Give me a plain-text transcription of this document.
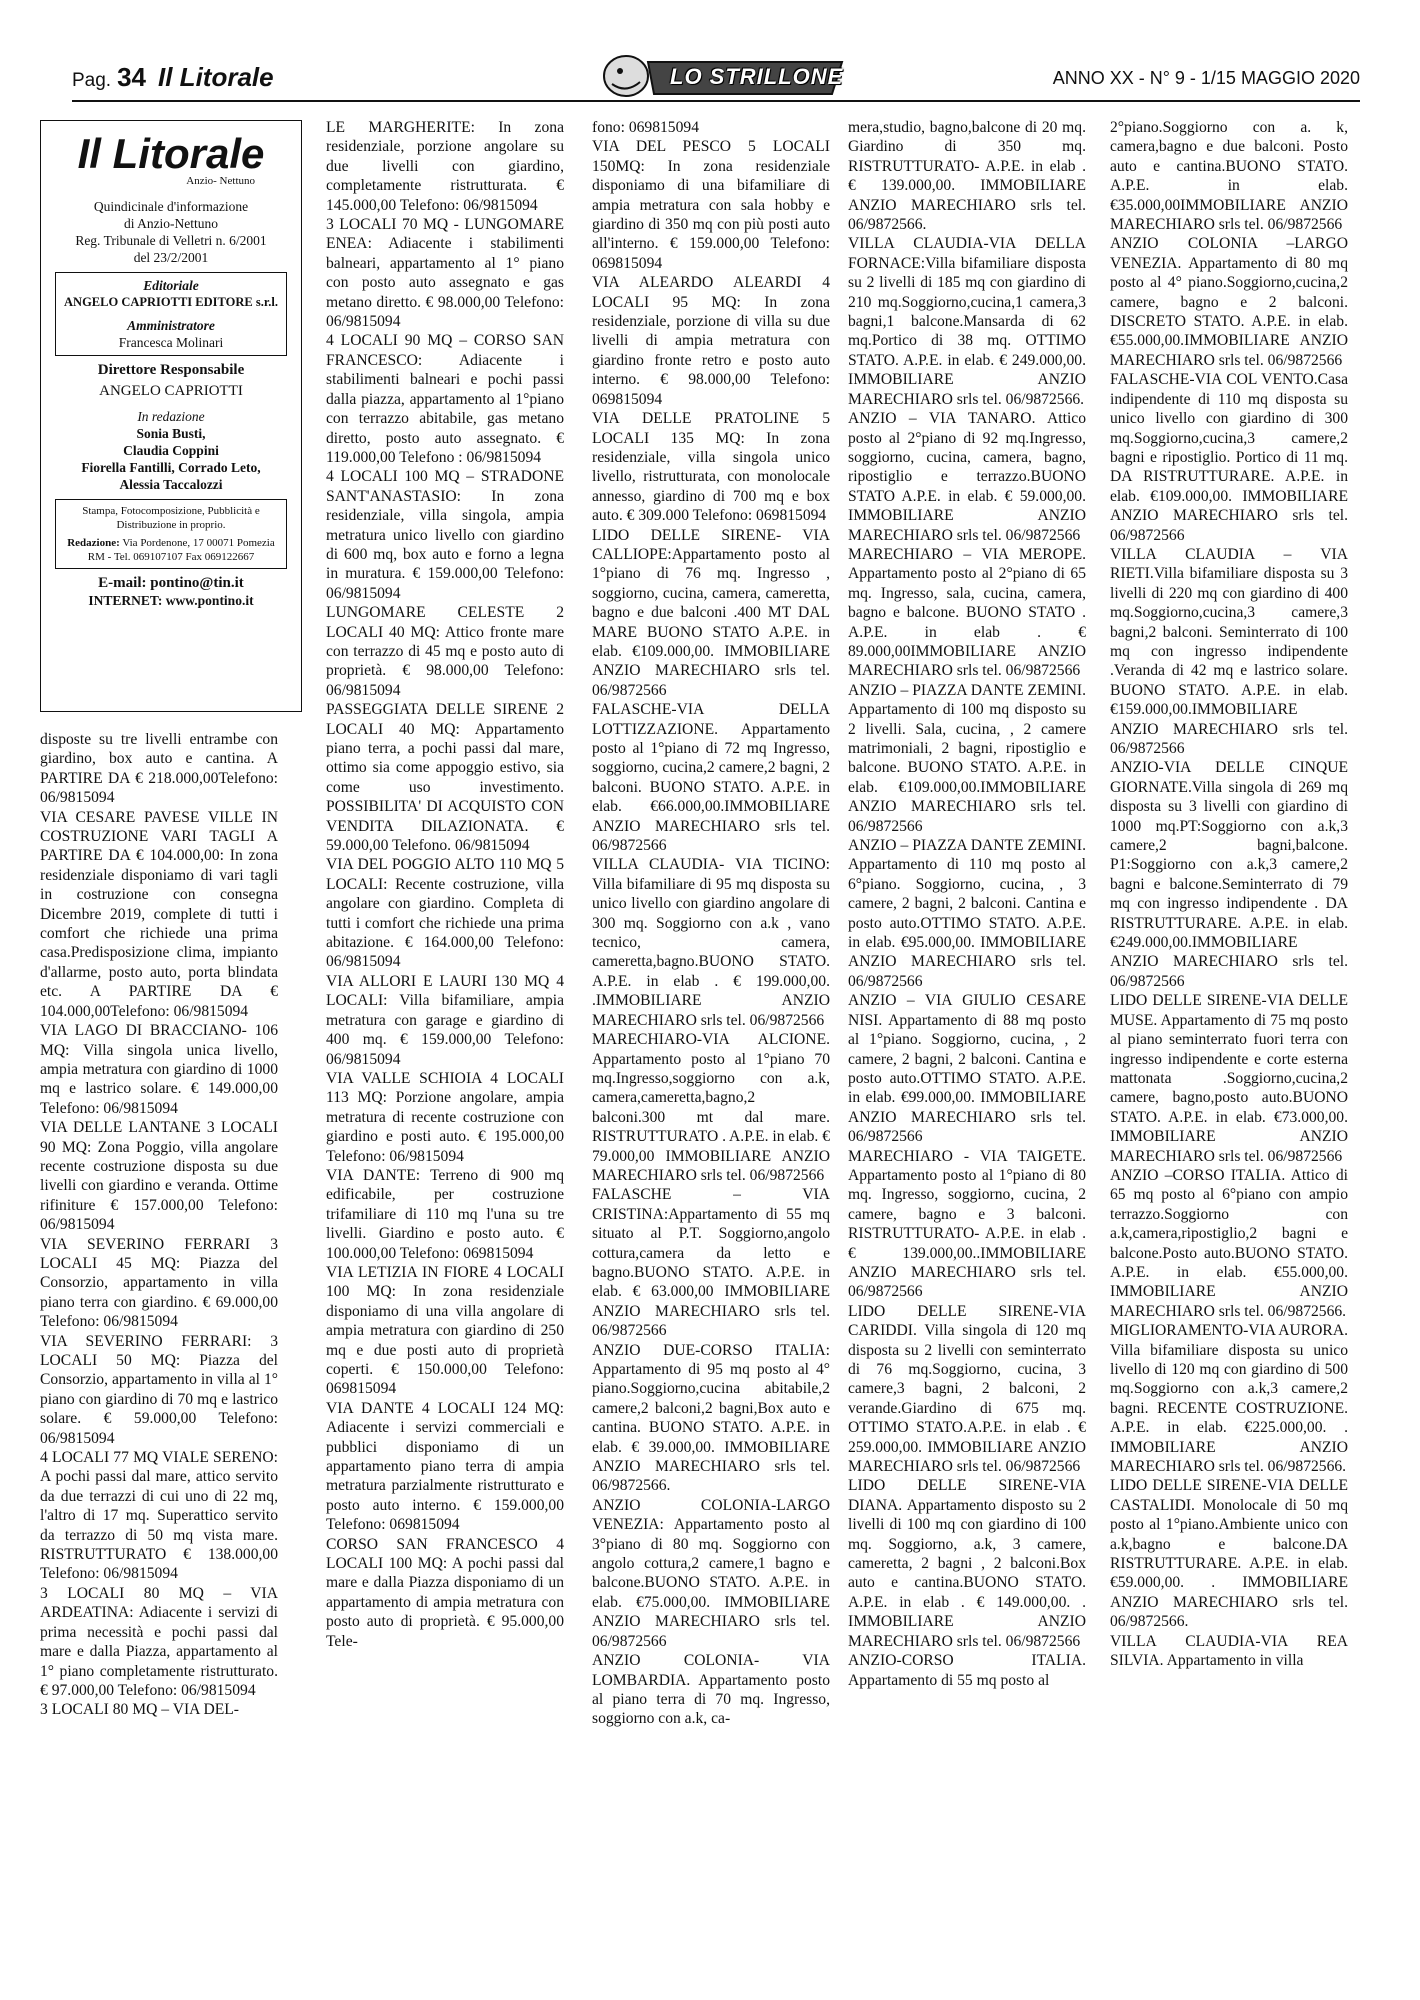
Pag. 34 Il Litorale	LO STRILLONE	ANNO XX - N° 9 - 1/15 MAGGIO 2020
Il Litorale
Anzio- Nettuno
Quindicinale d'informazione
di Anzio-Nettuno
Reg. Tribunale di Velletri n. 6/2001
del 23/2/2001
Editoriale
ANGELO CAPRIOTTI EDITORE s.r.l.
Amministratore
Francesca Molinari
Direttore Responsabile
ANGELO CAPRIOTTI
In redazione
Sonia Busti,
Claudia Coppini
Fiorella Fantilli, Corrado Leto,
Alessia Taccalozzi
Stampa, Fotocomposizione, Pubblicità e Distribuzione in proprio.
Redazione: Via Pordenone, 17 00071 Pomezia RM - Tel. 069107107 Fax 069122667
E-mail: pontino@tin.it
INTERNET: www.pontino.it

disposte su tre livelli entrambe con giardino, box auto e cantina. A PARTIRE DA € 218.000,00Telefono: 06/9815094

VIA CESARE PAVESE VILLE IN COSTRUZIONE VARI TAGLI A PARTIRE DA € 104.000,00: In zona residenziale disponiamo di vari tagli in costruzione con consegna Dicembre 2019, complete di tutti i comfort che richiede una prima casa.Predisposizione clima, impianto d'allarme, posto auto, porta blindata etc. A PARTIRE DA € 104.000,00Telefono: 06/9815094

VIA LAGO DI BRACCIANO- 106 MQ: Villa singola unica livello, ampia metratura con giardino di 1000 mq e lastrico solare. € 149.000,00 Telefono: 06/9815094

VIA DELLE LANTANE 3 LOCALI 90 MQ: Zona Poggio, villa angolare recente costruzione disposta su due livelli con giardino e veranda. Ottime rifiniture € 157.000,00 Telefono: 06/9815094

VIA SEVERINO FERRARI 3 LOCALI 45 MQ: Piazza del Consorzio, appartamento in villa piano terra con giardino. € 69.000,00 Telefono: 06/9815094

VIA SEVERINO FERRARI: 3 LOCALI 50 MQ: Piazza del Consorzio, appartamento in villa al 1° piano con giardino di 70 mq e lastrico solare. € 59.000,00 Telefono: 06/9815094

4 LOCALI 77 MQ VIALE SERENO: A pochi passi dal mare, attico servito da due terrazzi di cui uno di 22 mq, l'altro di 17 mq. Superattico servito da terrazzo di 50 mq vista mare. RISTRUTTURATO € 138.000,00 Telefono: 06/9815094

3 LOCALI 80 MQ – VIA ARDEATINA: Adiacente i servizi di prima necessità e pochi passi dal mare e dalla Piazza, appartamento al 1° piano completamente ristrutturato. € 97.000,00 Telefono: 06/9815094

3 LOCALI 80 MQ – VIA DEL-

LE MARGHERITE: In zona residenziale, porzione angolare su due livelli con giardino, completamente ristrutturata. € 145.000,00 Telefono: 06/9815094

3 LOCALI 70 MQ - LUNGOMARE ENEA: Adiacente i stabilimenti balneari, appartamento al 1° piano con posto auto assegnato e gas metano diretto. € 98.000,00 Telefono: 06/9815094

4 LOCALI 90 MQ – CORSO SAN FRANCESCO: Adiacente i stabilimenti balneari e pochi passi dalla piazza, appartamento al 1°piano con terrazzo abitabile, gas metano diretto, posto auto assegnato. € 119.000,00 Telefono : 06/9815094

4 LOCALI 100 MQ – STRADONE SANT'ANASTASIO: In zona residenziale, villa singola, ampia metratura unico livello con giardino di 600 mq, box auto e forno a legna in muratura. € 159.000,00 Telefono: 06/9815094

LUNGOMARE CELESTE 2 LOCALI 40 MQ: Attico fronte mare con terrazzo di 45 mq e posto auto di proprietà. € 98.000,00 Telefono: 06/9815094

PASSEGGIATA DELLE SIRENE 2 LOCALI 40 MQ: Appartamento piano terra, a pochi passi dal mare, ottimo sia come appoggio estivo, sia come uso investimento. POSSIBILITA' DI ACQUISTO CON VENDITA DILAZIONATA. € 59.000,00 Telefono. 06/9815094

VIA DEL POGGIO ALTO 110 MQ 5 LOCALI: Recente costruzione, villa angolare con giardino. Completa di tutti i comfort che richiede una prima abitazione. € 164.000,00 Telefono: 06/9815094

VIA ALLORI E LAURI 130 MQ 4 LOCALI: Villa bifamiliare, ampia metratura con garage e giardino di 400 mq. € 159.000,00 Telefono: 06/9815094

VIA VALLE SCHIOIA 4 LOCALI 113 MQ: Porzione angolare, ampia metratura di recente costruzione con giardino e posti auto. € 195.000,00 Telefono: 06/9815094

VIA DANTE: Terreno di 900 mq edificabile, per costruzione trifamiliare di 110 mq l'una su tre livelli. Giardino e posto auto. € 100.000,00 Telefono: 069815094

VIA LETIZIA IN FIORE 4 LOCALI 100 MQ: In zona residenziale disponiamo di una villa angolare di ampia metratura con giardino di 250 mq e due posti auto di proprietà coperti. € 150.000,00 Telefono: 069815094

VIA DANTE 4 LOCALI 124 MQ: Adiacente i servizi commerciali e pubblici disponiamo di un appartamento piano terra di ampia metratura parzialmente ristrutturato e posto auto interno. € 159.000,00 Telefono: 069815094

CORSO SAN FRANCESCO 4 LOCALI 100 MQ: A pochi passi dal mare e dalla Piazza disponiamo di un appartamento di ampia metratura con posto auto di proprietà. € 95.000,00 Tele-

fono: 069815094

VIA DEL PESCO 5 LOCALI 150MQ: In zona residenziale disponiamo di una bifamiliare di ampia metratura con sala hobby e giardino di 350 mq con più posti auto all'interno. € 159.000,00 Telefono: 069815094

VIA ALEARDO ALEARDI 4 LOCALI 95 MQ: In zona residenziale, porzione di villa su due livelli di ampia metratura con giardino fronte retro e posto auto interno. € 98.000,00 Telefono: 069815094

VIA DELLE PRATOLINE 5 LOCALI 135 MQ: In zona residenziale, villa singola unico livello, ristrutturata, con monolocale annesso, giardino di 700 mq e box auto. € 309.000 Telefono: 069815094

LIDO DELLE SIRENE- VIA CALLIOPE:Appartamento posto al 1°piano di 76 mq. Ingresso , soggiorno, cucina, camera, cameretta, bagno e due balconi .400 MT DAL MARE BUONO STATO A.P.E. in elab. €109.000,00. IMMOBILIARE ANZIO MARECHIARO srls tel. 06/9872566

FALASCHE-VIA DELLA LOTTIZZAZIONE. Appartamento posto al 1°piano di 72 mq Ingresso, soggiorno, cucina,2 camere,2 bagni, 2 balconi. BUONO STATO. A.P.E. in elab. €66.000,00.IMMOBILIARE ANZIO MARECHIARO srls tel. 06/9872566

VILLA CLAUDIA- VIA TICINO: Villa bifamiliare di 95 mq disposta su unico livello con giardino angolare di 300 mq. Soggiorno con a.k , vano tecnico, camera, cameretta,bagno.BUONO STATO. A.P.E. in elab . € 199.000,00. .IMMOBILIARE ANZIO MARECHIARO srls tel. 06/9872566

MARECHIARO-VIA ALCIONE. Appartamento posto al 1°piano 70 mq.Ingresso,soggiorno con a.k, camera,cameretta,bagno,2 balconi.300 mt dal mare. RISTRUTTURATO . A.P.E. in elab. € 79.000,00 IMMOBILIARE ANZIO MARECHIARO srls tel. 06/9872566

FALASCHE – VIA CRISTINA:Appartamento di 55 mq situato al P.T. Soggiorno,angolo cottura,camera da letto e bagno.BUONO STATO. A.P.E. in elab. € 63.000,00 IMMOBILIARE ANZIO MARECHIARO srls tel. 06/9872566

ANZIO DUE-CORSO ITALIA: Appartamento di 95 mq posto al 4° piano.Soggiorno,cucina abitabile,2 camere,2 balconi,2 bagni,Box auto e cantina. BUONO STATO. A.P.E. in elab. € 39.000,00. IMMOBILIARE ANZIO MARECHIARO srls tel. 06/9872566.

ANZIO COLONIA-LARGO VENEZIA: Appartamento posto al 3°piano di 80 mq. Soggiorno con angolo cottura,2 camere,1 bagno e balcone.BUONO STATO. A.P.E. in elab. €75.000,00. IMMOBILIARE ANZIO MARECHIARO srls tel. 06/9872566

ANZIO COLONIA- VIA LOMBARDIA. Appartamento posto al piano terra di 70 mq. Ingresso, soggiorno con a.k, ca-

mera,studio, bagno,balcone di 20 mq. Giardino di 350 mq. RISTRUTTURATO- A.P.E. in elab . € 139.000,00. IMMOBILIARE ANZIO MARECHIARO srls tel. 06/9872566.

VILLA CLAUDIA-VIA DELLA FORNACE:Villa bifamiliare disposta su 2 livelli di 185 mq con giardino di 210 mq.Soggiorno,cucina,1 camera,3 bagni,1 balcone.Mansarda di 62 mq.Portico di 38 mq. OTTIMO STATO. A.P.E. in elab. € 249.000,00. IMMOBILIARE ANZIO MARECHIARO srls tel. 06/9872566.

ANZIO – VIA TANARO. Attico posto al 2°piano di 92 mq.Ingresso, soggiorno, cucina, camera, bagno, ripostiglio e terrazzo.BUONO STATO A.P.E. in elab. € 59.000,00. IMMOBILIARE ANZIO MARECHIARO srls tel. 06/9872566

MARECHIARO – VIA MEROPE. Appartamento posto al 2°piano di 65 mq. Ingresso, sala, cucina, camera, bagno e balcone. BUONO STATO . A.P.E. in elab . € 89.000,00IMMOBILIARE ANZIO MARECHIARO srls tel. 06/9872566

ANZIO – PIAZZA DANTE ZEMINI. Appartamento di 100 mq disposto su 2 livelli. Sala, cucina, , 2 camere matrimoniali, 2 bagni, ripostiglio e balcone. BUONO STATO. A.P.E. in elab. €109.000,00.IMMOBILIARE ANZIO MARECHIARO srls tel. 06/9872566

ANZIO – PIAZZA DANTE ZEMINI. Appartamento di 110 mq posto al 6°piano. Soggiorno, cucina, , 3 camere, 2 bagni, 2 balconi. Cantina e posto auto.OTTIMO STATO. A.P.E. in elab. €95.000,00. IMMOBILIARE ANZIO MARECHIARO srls tel. 06/9872566

ANZIO – VIA GIULIO CESARE NISI. Appartamento di 88 mq posto al 1°piano. Soggiorno, cucina, , 2 camere, 2 bagni, 2 balconi. Cantina e posto auto.OTTIMO STATO. A.P.E. in elab. €99.000,00. IMMOBILIARE ANZIO MARECHIARO srls tel. 06/9872566

MARECHIARO - VIA TAIGETE. Appartamento posto al 1°piano di 80 mq. Ingresso, soggiorno, cucina, 2 camere, bagno e 3 balconi. RISTRUTTURATO- A.P.E. in elab . € 139.000,00..IMMOBILIARE ANZIO MARECHIARO srls tel. 06/9872566

LIDO DELLE SIRENE-VIA CARIDDI. Villa singola di 120 mq disposta su 2 livelli con seminterrato di 76 mq.Soggiorno, cucina, 3 camere,3 bagni, 2 balconi, 2 verande.Giardino di 675 mq. OTTIMO STATO.A.P.E. in elab . € 259.000,00. IMMOBILIARE ANZIO MARECHIARO srls tel. 06/9872566

LIDO DELLE SIRENE-VIA DIANA. Appartamento disposto su 2 livelli di 100 mq con giardino di 100 mq. Soggiorno, a.k, 3 camere, cameretta, 2 bagni , 2 balconi.Box auto e cantina.BUONO STATO. A.P.E. in elab . € 149.000,00. . IMMOBILIARE ANZIO MARECHIARO srls tel. 06/9872566

ANZIO-CORSO ITALIA. Appartamento di 55 mq posto al

2°piano.Soggiorno con a. k, camera,bagno e due balconi. Posto auto e cantina.BUONO STATO. A.P.E. in elab. €35.000,00IMMOBILIARE ANZIO MARECHIARO srls tel. 06/9872566

ANZIO COLONIA –LARGO VENEZIA. Appartamento di 80 mq posto al 4° piano.Soggiorno,cucina,2 camere, bagno e 2 balconi. DISCRETO STATO. A.P.E. in elab. €55.000,00.IMMOBILIARE ANZIO MARECHIARO srls tel. 06/9872566

FALASCHE-VIA COL VENTO.Casa indipendente di 110 mq disposta su unico livello con giardino di 300 mq.Soggiorno,cucina,3 camere,2 bagni e ripostiglio. Portico di 11 mq. DA RISTRUTTURARE. A.P.E. in elab. €109.000,00. IMMOBILIARE ANZIO MARECHIARO srls tel. 06/9872566

VILLA CLAUDIA – VIA RIETI.Villa bifamiliare disposta su 3 livelli di 220 mq con giardino di 400 mq.Soggiorno,cucina,3 camere,3 bagni,2 balconi. Seminterrato di 100 mq con ingresso indipendente .Veranda di 42 mq e lastrico solare. BUONO STATO. A.P.E. in elab. €159.000,00.IMMOBILIARE ANZIO MARECHIARO srls tel. 06/9872566

ANZIO-VIA DELLE CINQUE GIORNATE.Villa singola di 269 mq disposta su 3 livelli con giardino di 1000 mq.PT:Soggiorno con a.k,3 camere,2 bagni,balcone. P1:Soggiorno con a.k,3 camere,2 bagni e balcone.Seminterrato di 79 mq con ingresso indipendente . DA RISTRUTTURARE. A.P.E. in elab. €249.000,00.IMMOBILIARE ANZIO MARECHIARO srls tel. 06/9872566

LIDO DELLE SIRENE-VIA DELLE MUSE. Appartamento di 75 mq posto al piano seminterrato fuori terra con ingresso indipendente e corte esterna mattonata .Soggiorno,cucina,2 camere, bagno,posto auto.BUONO STATO. A.P.E. in elab. €73.000,00. IMMOBILIARE ANZIO MARECHIARO srls tel. 06/9872566

ANZIO –CORSO ITALIA. Attico di 65 mq posto al 6°piano con ampio terrazzo.Soggiorno con a.k,camera,ripostiglio,2 bagni e balcone.Posto auto.BUONO STATO. A.P.E. in elab. €55.000,00. IMMOBILIARE ANZIO MARECHIARO srls tel. 06/9872566.

MIGLIORAMENTO-VIA AURORA. Villa bifamiliare disposta su unico livello di 120 mq con giardino di 500 mq.Soggiorno con a.k,3 camere,2 bagni. RECENTE COSTRUZIONE. A.P.E. in elab. €225.000,00. . IMMOBILIARE ANZIO MARECHIARO srls tel. 06/9872566.

LIDO DELLE SIRENE-VIA DELLE CASTALIDI. Monolocale di 50 mq posto al 1°piano.Ambiente unico con a.k,bagno e balcone.DA RISTRUTTURARE. A.P.E. in elab. €59.000,00. . IMMOBILIARE ANZIO MARECHIARO srls tel. 06/9872566.

VILLA CLAUDIA-VIA REA SILVIA. Appartamento in villa
